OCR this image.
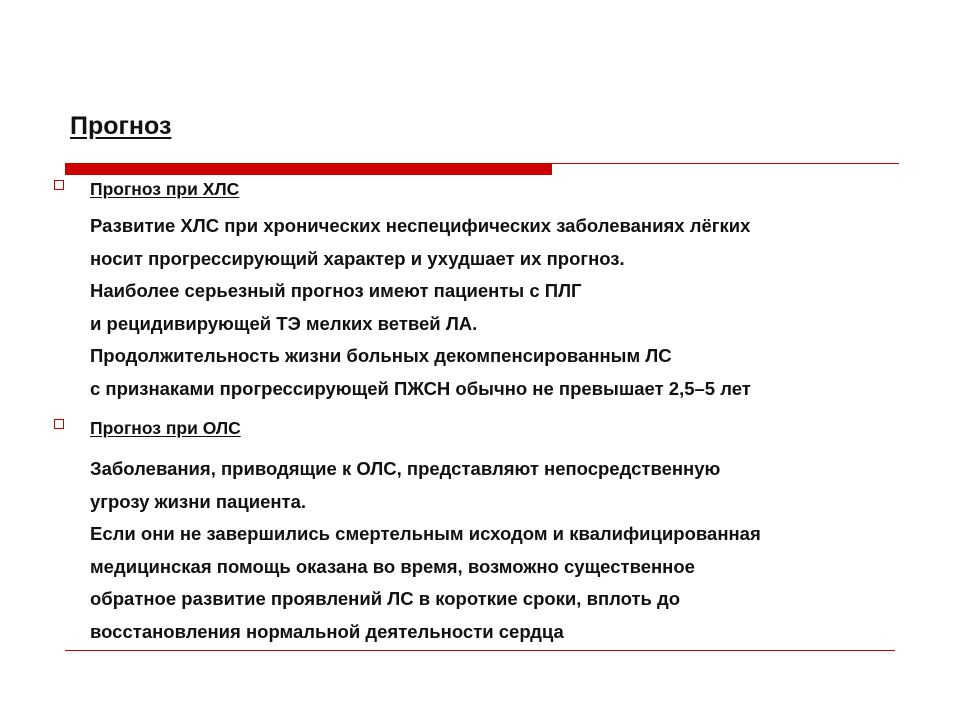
Прогноз
Прогноз при ХЛС
Развитие ХЛС при хронических неспецифических заболеваниях лёгких
носит прогрессирующий характер и ухудшает их прогноз.
Наиболее серьезный прогноз имеют пациенты с ПЛГ
и рецидивирующей ТЭ мелких ветвей ЛА.
Продолжительность жизни больных декомпенсированным ЛС
с признаками прогрессирующей ПЖСН обычно не превышает 2,5–5 лет
Прогноз при ОЛС
Заболевания, приводящие к ОЛС, представляют непосредственную
угрозу жизни пациента.
Если они не завершились смертельным исходом и квалифицированная
медицинская помощь оказана во время, возможно существенное
обратное развитие проявлений ЛС в короткие сроки, вплоть до
восстановления нормальной деятельности сердца
